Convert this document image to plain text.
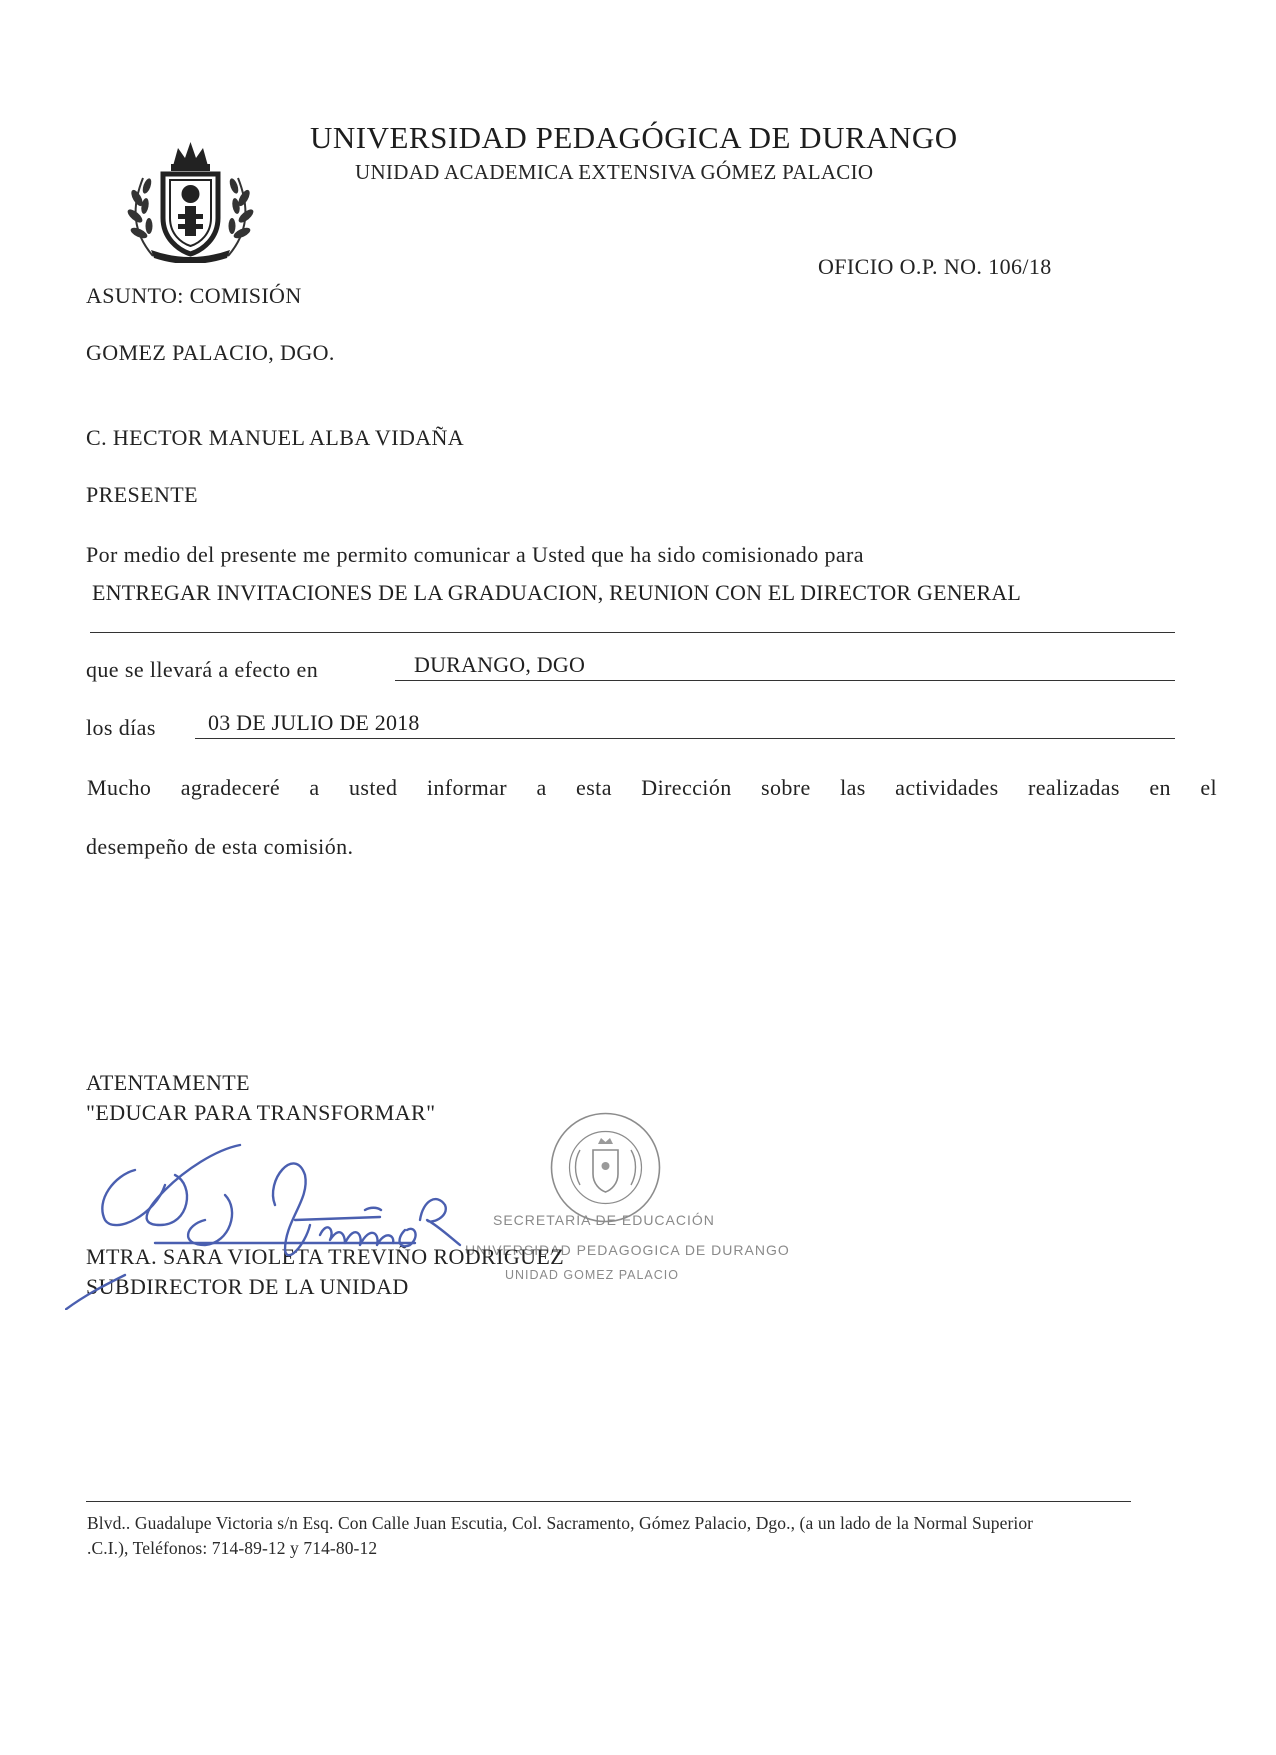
UNIVERSIDAD PEDAGÓGICA DE DURANGO
UNIDAD ACADEMICA EXTENSIVA GÓMEZ PALACIO
OFICIO O.P. NO. 106/18
ASUNTO: COMISIÓN
GOMEZ PALACIO, DGO.
C. HECTOR MANUEL ALBA VIDAÑA
PRESENTE
Por medio del presente me permito comunicar a Usted que ha sido comisionado para
ENTREGAR INVITACIONES DE LA GRADUACION, REUNION CON EL DIRECTOR GENERAL
que se llevará a efecto en	DURANGO, DGO
los días 03 DE JULIO DE 2018
Mucho agradeceré a usted informar a esta Dirección sobre las actividades realizadas en el
desempeño de esta comisión.
ATENTAMENTE
"EDUCAR PARA TRANSFORMAR"
SECRETARIA DE EDUCACIÓN
UNIVERSIDAD PEDAGOGICA DE DURANGO
UNIDAD GOMEZ PALACIO
MTRA. SARA VIOLETA TREVIÑO RODRIGUEZ
SUBDIRECTOR DE LA UNIDAD
Blvd.. Guadalupe Victoria s/n Esq. Con Calle Juan Escutia, Col. Sacramento, Gómez Palacio, Dgo., (a un lado de la Normal Superior
.C.I.), Teléfonos: 714-89-12 y 714-80-12
